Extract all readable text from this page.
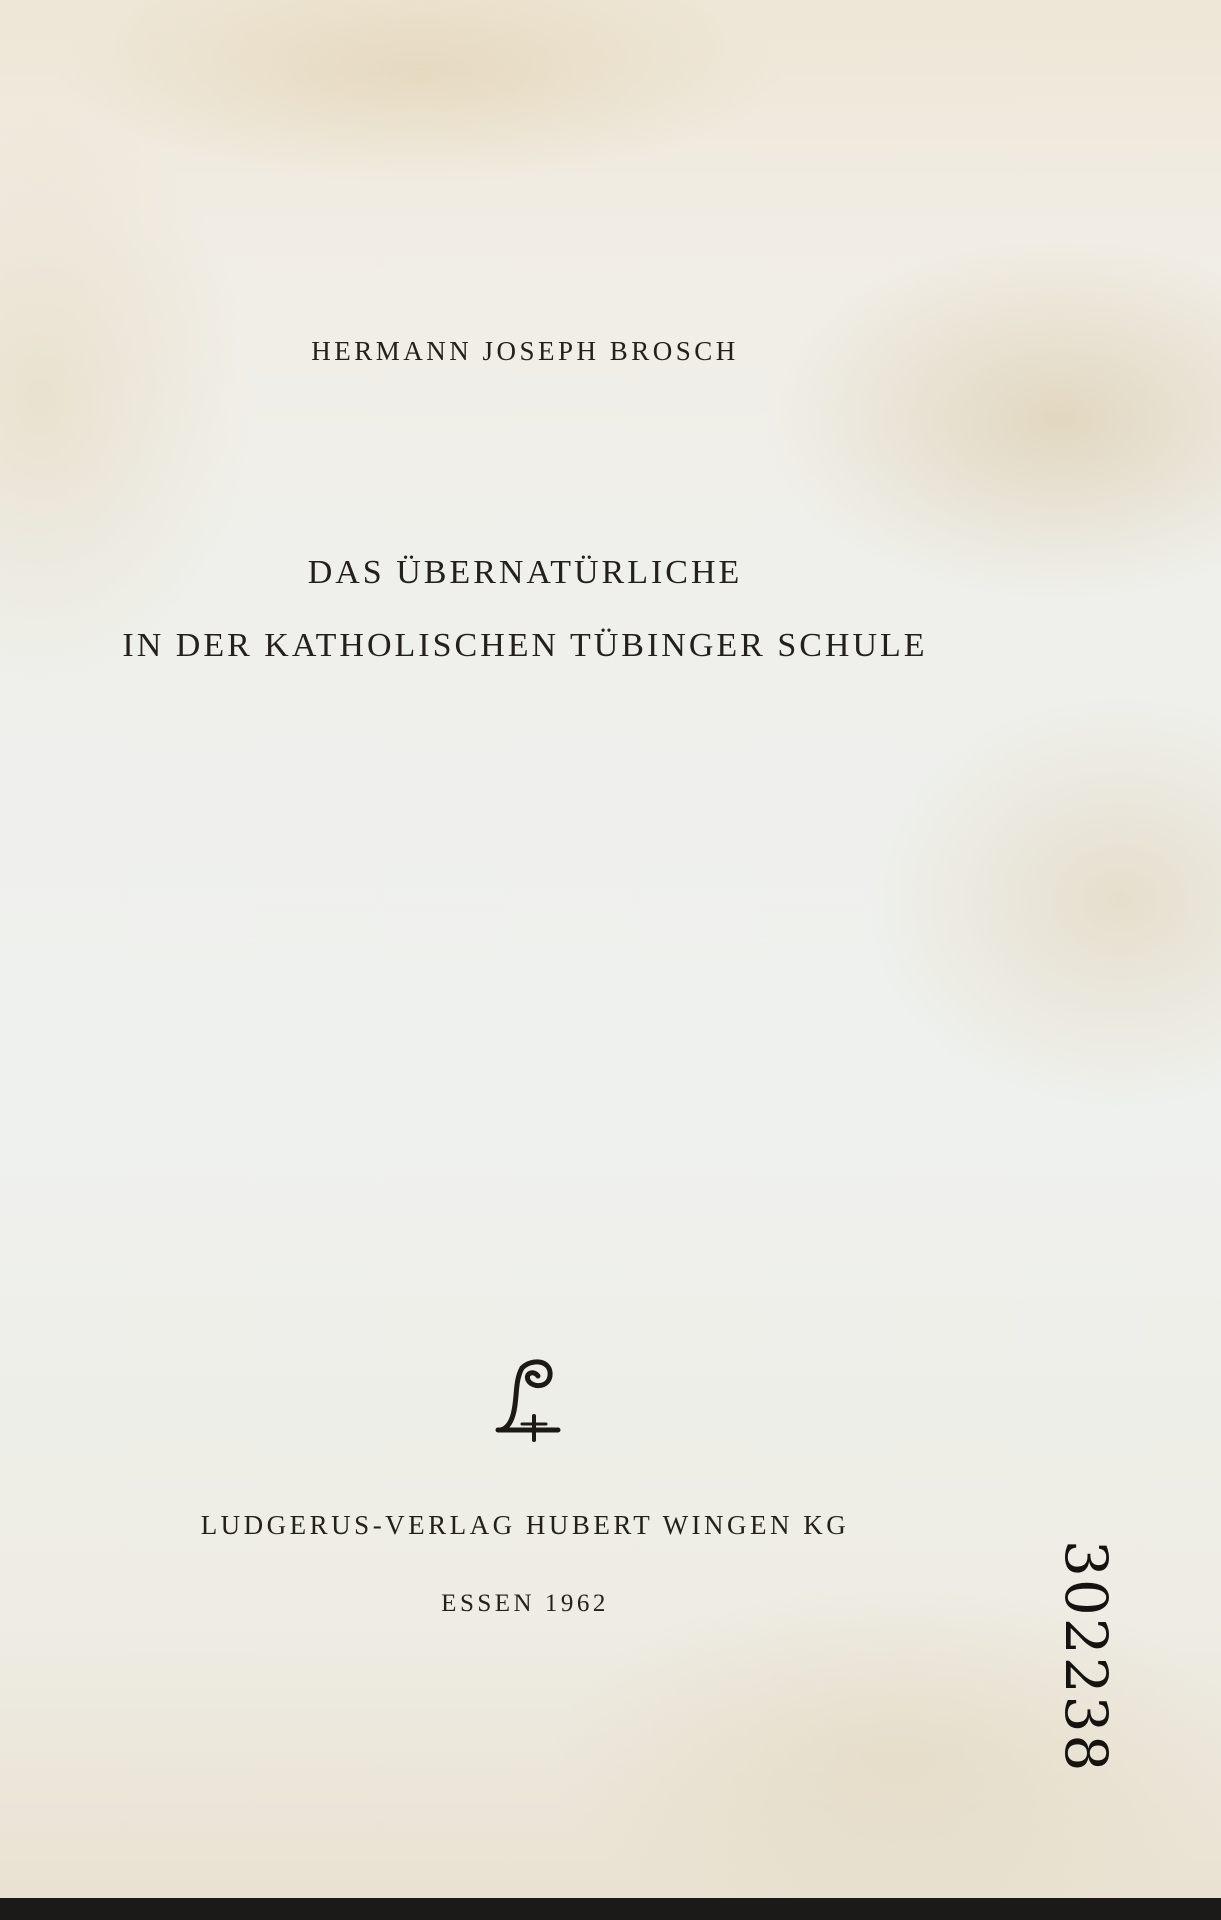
HERMANN JOSEPH BROSCH
DAS ÜBERNATÜRLICHE
IN DER KATHOLISCHEN TÜBINGER SCHULE
LUDGERUS-VERLAG HUBERT WINGEN KG
ESSEN 1962	302238
